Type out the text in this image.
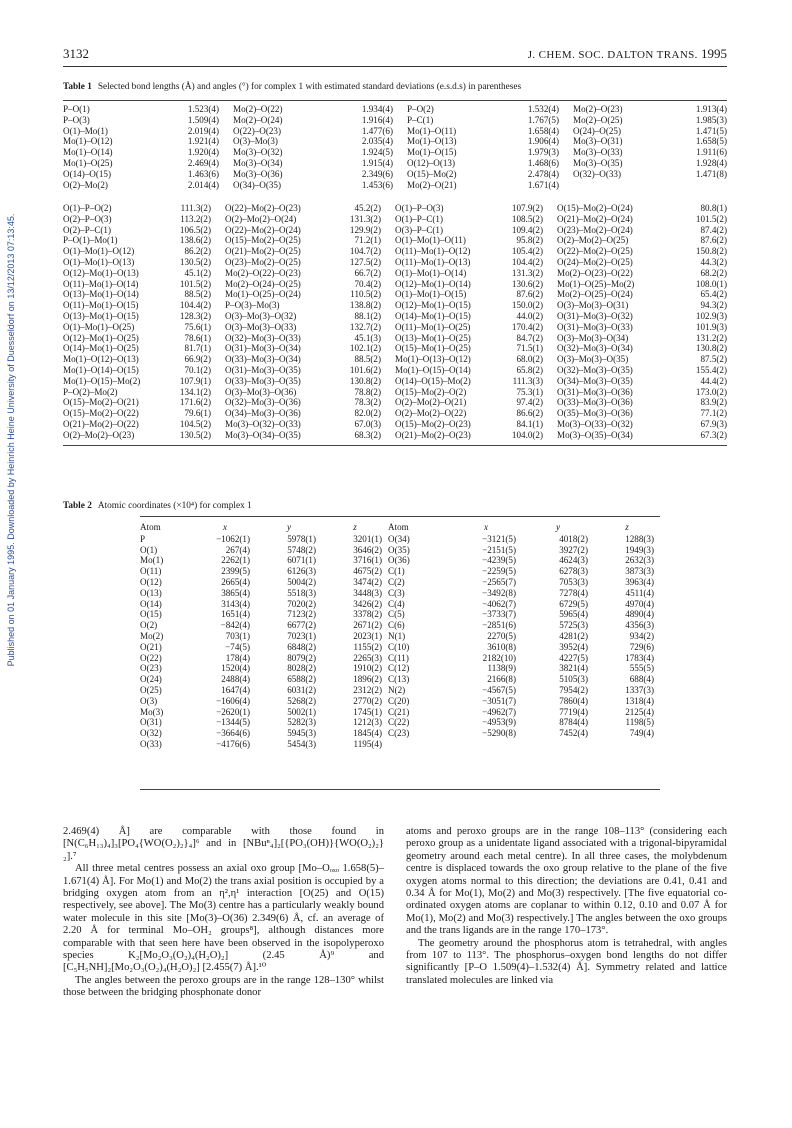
3132	J. CHEM. SOC. DALTON TRANS. 1995
Published on 01 January 1995. Downloaded by Heinrich Heine University of Duesseldorf on 13/12/2013 07:13:45.
Table 1 Selected bond lengths (Å) and angles (°) for complex 1 with estimated standard deviations (e.s.d.s) in parentheses
P–O(1)	1.523(4)	Mo(2)–O(22)	1.934(4)	P–O(2)	1.532(4)	Mo(2)–O(23)	1.913(4)
P–O(3)	1.509(4)	Mo(2)–O(24)	1.916(4)	P–C(1)	1.767(5)	Mo(2)–O(25)	1.985(3)
O(1)–Mo(1)	2.019(4)	O(22)–O(23)	1.477(6)	Mo(1)–O(11)	1.658(4)	O(24)–O(25)	1.471(5)
Mo(1)–O(12)	1.921(4)	O(3)–Mo(3)	2.035(4)	Mo(1)–O(13)	1.906(4)	Mo(3)–O(31)	1.658(5)
Mo(1)–O(14)	1.920(4)	Mo(3)–O(32)	1.924(5)	Mo(1)–O(15)	1.979(3)	Mo(3)–O(33)	1.911(6)
Mo(1)–O(25)	2.469(4)	Mo(3)–O(34)	1.915(4)	O(12)–O(13)	1.468(6)	Mo(3)–O(35)	1.928(4)
O(14)–O(15)	1.463(6)	Mo(3)–O(36)	2.349(6)	O(15)–Mo(2)	2.478(4)	O(32)–O(33)	1.471(8)
O(2)–Mo(2)	2.014(4)	O(34)–O(35)	1.453(6)	Mo(2)–O(21)	1.671(4)		
O(1)–P–O(2)	111.3(2)	O(22)–Mo(2)–O(23)	45.2(2)	O(1)–P–O(3)	107.9(2)	O(15)–Mo(2)–O(24)	80.8(1)
O(2)–P–O(3)	113.2(2)	O(2)–Mo(2)–O(24)	131.3(2)	O(1)–P–C(1)	108.5(2)	O(21)–Mo(2)–O(24)	101.5(2)
O(2)–P–C(1)	106.5(2)	O(22)–Mo(2)–O(24)	129.9(2)	O(3)–P–C(1)	109.4(2)	O(23)–Mo(2)–O(24)	87.4(2)
P–O(1)–Mo(1)	138.6(2)	O(15)–Mo(2)–O(25)	71.2(1)	O(1)–Mo(1)–O(11)	95.8(2)	O(2)–Mo(2)–O(25)	87.6(2)
O(1)–Mo(1)–O(12)	86.2(2)	O(21)–Mo(2)–O(25)	104.7(2)	O(11)–Mo(1)–O(12)	105.4(2)	O(22)–Mo(2)–O(25)	150.8(2)
O(1)–Mo(1)–O(13)	130.5(2)	O(23)–Mo(2)–O(25)	127.5(2)	O(11)–Mo(1)–O(13)	104.4(2)	O(24)–Mo(2)–O(25)	44.3(2)
O(12)–Mo(1)–O(13)	45.1(2)	Mo(2)–O(22)–O(23)	66.7(2)	O(1)–Mo(1)–O(14)	131.3(2)	Mo(2)–O(23)–O(22)	68.2(2)
O(11)–Mo(1)–O(14)	101.5(2)	Mo(2)–O(24)–O(25)	70.4(2)	O(12)–Mo(1)–O(14)	130.6(2)	Mo(1)–O(25)–Mo(2)	108.0(1)
O(13)–Mo(1)–O(14)	88.5(2)	Mo(1)–O(25)–O(24)	110.5(2)	O(1)–Mo(1)–O(15)	87.6(2)	Mo(2)–O(25)–O(24)	65.4(2)
O(11)–Mo(1)–O(15)	104.4(2)	P–O(3)–Mo(3)	138.8(2)	O(12)–Mo(1)–O(15)	150.0(2)	O(3)–Mo(3)–O(31)	94.3(2)
O(13)–Mo(1)–O(15)	128.3(2)	O(3)–Mo(3)–O(32)	88.1(2)	O(14)–Mo(1)–O(15)	44.0(2)	O(31)–Mo(3)–O(32)	102.9(3)
O(1)–Mo(1)–O(25)	75.6(1)	O(3)–Mo(3)–O(33)	132.7(2)	O(11)–Mo(1)–O(25)	170.4(2)	O(31)–Mo(3)–O(33)	101.9(3)
O(12)–Mo(1)–O(25)	78.6(1)	O(32)–Mo(3)–O(33)	45.1(3)	O(13)–Mo(1)–O(25)	84.7(2)	O(3)–Mo(3)–O(34)	131.2(2)
O(14)–Mo(1)–O(25)	81.7(1)	O(31)–Mo(3)–O(34)	102.1(2)	O(15)–Mo(1)–O(25)	71.5(1)	O(32)–Mo(3)–O(34)	130.8(2)
Mo(1)–O(12)–O(13)	66.9(2)	O(33)–Mo(3)–O(34)	88.5(2)	Mo(1)–O(13)–O(12)	68.0(2)	O(3)–Mo(3)–O(35)	87.5(2)
Mo(1)–O(14)–O(15)	70.1(2)	O(31)–Mo(3)–O(35)	101.6(2)	Mo(1)–O(15)–O(14)	65.8(2)	O(32)–Mo(3)–O(35)	155.4(2)
Mo(1)–O(15)–Mo(2)	107.9(1)	O(33)–Mo(3)–O(35)	130.8(2)	O(14)–O(15)–Mo(2)	111.3(3)	O(34)–Mo(3)–O(35)	44.4(2)
P–O(2)–Mo(2)	134.1(2)	O(3)–Mo(3)–O(36)	78.8(2)	O(15)–Mo(2)–O(2)	75.3(1)	O(31)–Mo(3)–O(36)	173.0(2)
O(15)–Mo(2)–O(21)	171.6(2)	O(32)–Mo(3)–O(36)	78.3(2)	O(2)–Mo(2)–O(21)	97.4(2)	O(33)–Mo(3)–O(36)	83.9(2)
O(15)–Mo(2)–O(22)	79.6(1)	O(34)–Mo(3)–O(36)	82.0(2)	O(2)–Mo(2)–O(22)	86.6(2)	O(35)–Mo(3)–O(36)	77.1(2)
O(21)–Mo(2)–O(22)	104.5(2)	Mo(3)–O(32)–O(33)	67.0(3)	O(15)–Mo(2)–O(23)	84.1(1)	Mo(3)–O(33)–O(32)	67.9(3)
O(2)–Mo(2)–O(23)	130.5(2)	Mo(3)–O(34)–O(35)	68.3(2)	O(21)–Mo(2)–O(23)	104.0(2)	Mo(3)–O(35)–O(34)	67.3(2)
Table 2 Atomic coordinates (×10⁴) for complex 1
Atom	x	y	z	Atom	x	y	z
P	−1062(1)	5978(1)	3201(1)	O(34)	−3121(5)	4018(2)	1288(3)
O(1)	267(4)	5748(2)	3646(2)	O(35)	−2151(5)	3927(2)	1949(3)
Mo(1)	2262(1)	6071(1)	3716(1)	O(36)	−4239(5)	4624(3)	2632(3)
O(11)	2399(5)	6126(3)	4675(2)	C(1)	−2259(5)	6278(3)	3873(3)
O(12)	2665(4)	5004(2)	3474(2)	C(2)	−2565(7)	7053(3)	3963(4)
O(13)	3865(4)	5518(3)	3448(3)	C(3)	−3492(8)	7278(4)	4511(4)
O(14)	3143(4)	7020(2)	3426(2)	C(4)	−4062(7)	6729(5)	4970(4)
O(15)	1651(4)	7123(2)	3378(2)	C(5)	−3733(7)	5965(4)	4890(4)
O(2)	−842(4)	6677(2)	2671(2)	C(6)	−2851(6)	5725(3)	4356(3)
Mo(2)	703(1)	7023(1)	2023(1)	N(1)	2270(5)	4281(2)	934(2)
O(21)	−74(5)	6848(2)	1155(2)	C(10)	3610(8)	3952(4)	729(6)
O(22)	178(4)	8079(2)	2265(3)	C(11)	2182(10)	4227(5)	1783(4)
O(23)	1520(4)	8028(2)	1910(2)	C(12)	1138(9)	3821(4)	555(5)
O(24)	2488(4)	6588(2)	1896(2)	C(13)	2166(8)	5105(3)	688(4)
O(25)	1647(4)	6031(2)	2312(2)	N(2)	−4567(5)	7954(2)	1337(3)
O(3)	−1606(4)	5268(2)	2770(2)	C(20)	−3051(7)	7860(4)	1318(4)
Mo(3)	−2620(1)	5002(1)	1745(1)	C(21)	−4962(7)	7719(4)	2125(4)
O(31)	−1344(5)	5282(3)	1212(3)	C(22)	−4953(9)	8784(4)	1198(5)
O(32)	−3664(6)	5945(3)	1845(4)	C(23)	−5290(8)	7452(4)	749(4)
O(33)	−4176(6)	5454(3)	1195(4)				

2.469(4) Å] are comparable with those found in [N(C₆H₁₃)₄]₃[PO₄{WO(O₂)₂}₄]⁶ and in [NBuⁿ₄]₂[{PO₃(OH)}{WO(O₂)₂}₂].⁷

All three metal centres possess an axial oxo group [Mo–Oₒₓₒ 1.658(5)–1.671(4) Å]. For Mo(1) and Mo(2) the trans axial position is occupied by a bridging oxygen atom from an η²,η¹ interaction [O(25) and O(15) respectively, see above]. The Mo(3) centre has a particularly weakly bound water molecule in this site [Mo(3)–O(36) 2.349(6) Å, cf. an average of 2.20 Å for terminal Mo–OH₂ groups⁸], although distances more comparable with that seen here have been observed in the isopolyperoxo species K₂[Mo₂O₃(O₂)₄(H₂O)₂] (2.45 Å)⁹ and [C₅H₅NH]₂[Mo₂O₃(O₂)₄(H₂O)₂] [2.455(7) Å].¹⁰

The angles between the peroxo groups are in the range 128–130° whilst those between the bridging phosphonate donor

atoms and peroxo groups are in the range 108–113° (considering each peroxo group as a unidentate ligand associated with a trigonal-bipyramidal geometry around each metal centre). In all three cases, the molybdenum centre is displaced towards the oxo group relative to the plane of the five oxygen atoms normal to this direction; the deviations are 0.41, 0.41 and 0.34 Å for Mo(1), Mo(2) and Mo(3) respectively. [The five equatorial co-ordinated oxygen atoms are coplanar to within 0.12, 0.10 and 0.07 Å for Mo(1), Mo(2) and Mo(3) respectively.] The angles between the oxo groups and the trans ligands are in the range 170–173°.

The geometry around the phosphorus atom is tetrahedral, with angles from 107 to 113°. The phosphorus–oxygen bond lengths do not differ significantly [P–O 1.509(4)–1.532(4) Å]. Symmetry related and lattice translated molecules are linked via
